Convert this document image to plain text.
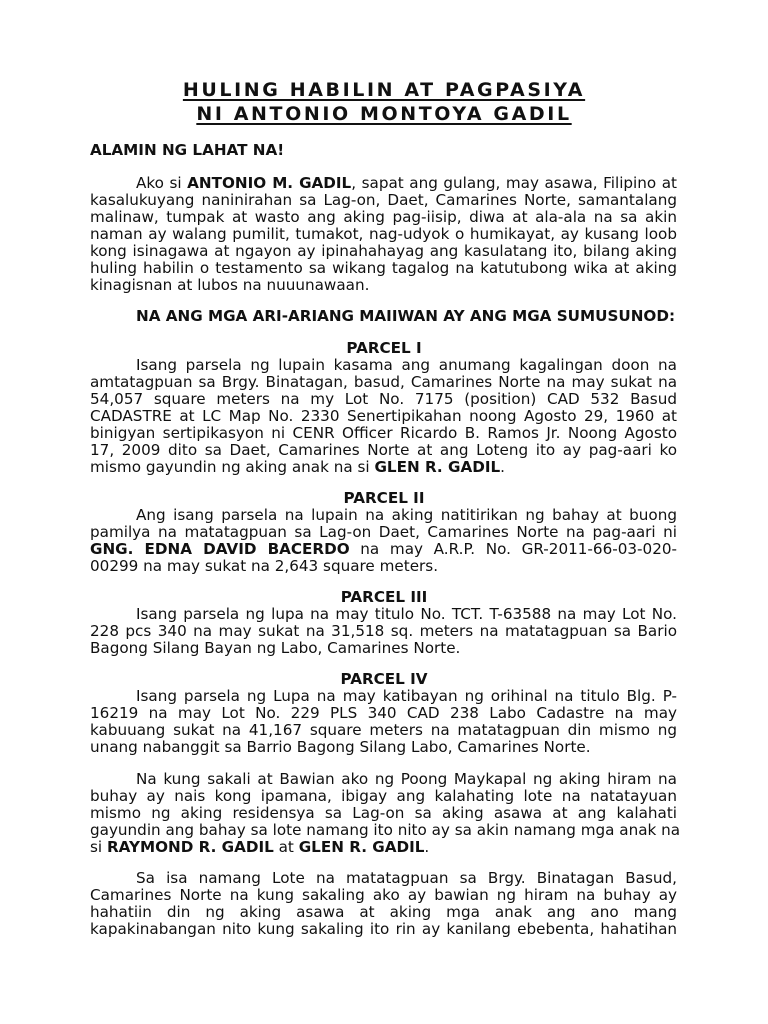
HULING HABILIN AT PAGPASIYA
NI ANTONIO MONTOYA GADIL
ALAMIN NG LAHAT NA!
Ako si ANTONIO M. GADIL, sapat ang gulang, may asawa, Filipino at
kasalukuyang naninirahan sa Lag-on, Daet, Camarines Norte, samantalang
malinaw, tumpak at wasto ang aking pag-iisip, diwa at ala-ala na sa akin
naman ay walang pumilit, tumakot, nag-udyok o humikayat, ay kusang loob
kong isinagawa at ngayon ay ipinahahayag ang kasulatang ito, bilang aking
huling habilin o testamento sa wikang tagalog na katutubong wika at aking
kinagisnan at lubos na nuuunawaan.
NA ANG MGA ARI-ARIANG MAIIWAN AY ANG MGA SUMUSUNOD:
PARCEL I
Isang parsela ng lupain kasama ang anumang kagalingan doon na
amtatagpuan sa Brgy. Binatagan, basud, Camarines Norte na may sukat na
54,057 square meters na my Lot No. 7175 (position) CAD 532 Basud
CADASTRE at LC Map No. 2330 Senertipikahan noong Agosto 29, 1960 at
binigyan sertipikasyon ni CENR Officer Ricardo B. Ramos Jr. Noong Agosto
17, 2009 dito sa Daet, Camarines Norte at ang Loteng ito ay pag-aari ko
mismo gayundin ng aking anak na si GLEN R. GADIL.
PARCEL II
Ang isang parsela na lupain na aking natitirikan ng bahay at buong
pamilya na matatagpuan sa Lag-on Daet, Camarines Norte na pag-aari ni
GNG. EDNA DAVID BACERDO na may A.R.P. No. GR-2011-66-03-020-
00299 na may sukat na 2,643 square meters.
PARCEL III
Isang parsela ng lupa na may titulo No. TCT. T-63588 na may Lot No.
228 pcs 340 na may sukat na 31,518 sq. meters na matatagpuan sa Bario
Bagong Silang Bayan ng Labo, Camarines Norte.
PARCEL IV
Isang parsela ng Lupa na may katibayan ng orihinal na titulo Blg. P-
16219 na may Lot No. 229 PLS 340 CAD 238 Labo Cadastre na may
kabuuang sukat na 41,167 square meters na matatagpuan din mismo ng
unang nabanggit sa Barrio Bagong Silang Labo, Camarines Norte.
Na kung sakali at Bawian ako ng Poong Maykapal ng aking hiram na
buhay ay nais kong ipamana, ibigay ang kalahating lote na natatayuan
mismo ng aking residensya sa Lag-on sa aking asawa at ang kalahati
gayundin ang bahay sa lote namang ito nito ay sa akin namang mga anak na
si RAYMOND R. GADIL at GLEN R. GADIL.
Sa isa namang Lote na matatagpuan sa Brgy. Binatagan Basud,
Camarines Norte na kung sakaling ako ay bawian ng hiram na buhay ay
hahatiin din ng aking asawa at aking mga anak ang ano mang
kapakinabangan nito kung sakaling ito rin ay kanilang ebebenta, hahatihan
